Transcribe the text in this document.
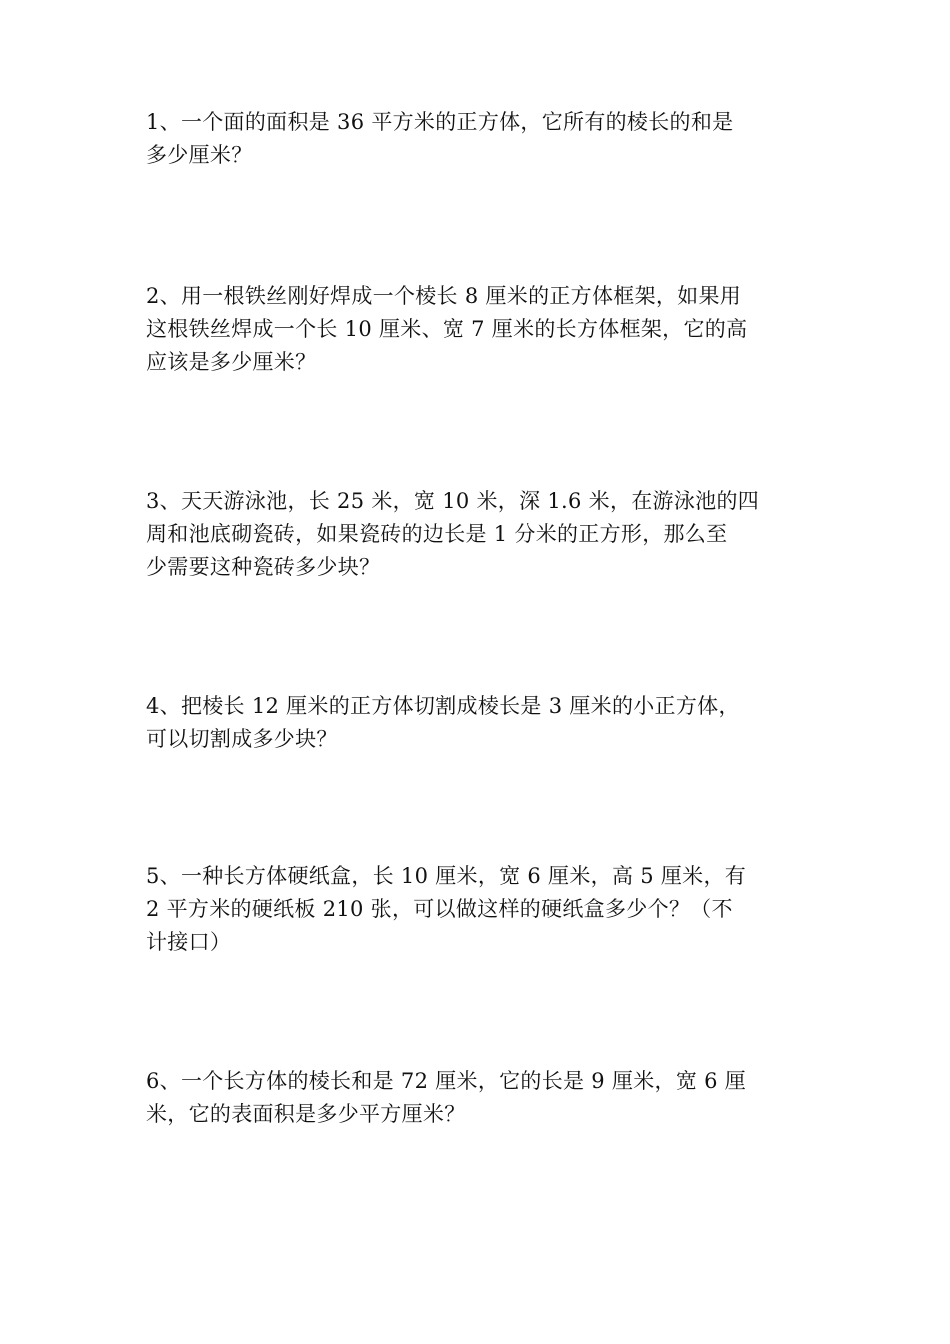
1、一个面的面积是 36 平方米的正方体，它所有的棱长的和是
多少厘米？
2、用一根铁丝刚好焊成一个棱长 8 厘米的正方体框架，如果用
这根铁丝焊成一个长 10 厘米、宽 7 厘米的长方体框架，它的高
应该是多少厘米？
3、天天游泳池，长 25 米，宽 10 米，深 1.6 米，在游泳池的四
周和池底砌瓷砖，如果瓷砖的边长是 1 分米的正方形，那么至
少需要这种瓷砖多少块？
4、把棱长 12 厘米的正方体切割成棱长是 3 厘米的小正方体，
可以切割成多少块？
5、一种长方体硬纸盒，长 10 厘米，宽 6 厘米，高 5 厘米，有
2 平方米的硬纸板 210 张，可以做这样的硬纸盒多少个？（不
计接口）
6、一个长方体的棱长和是 72 厘米，它的长是 9 厘米，宽 6 厘
米，它的表面积是多少平方厘米？
